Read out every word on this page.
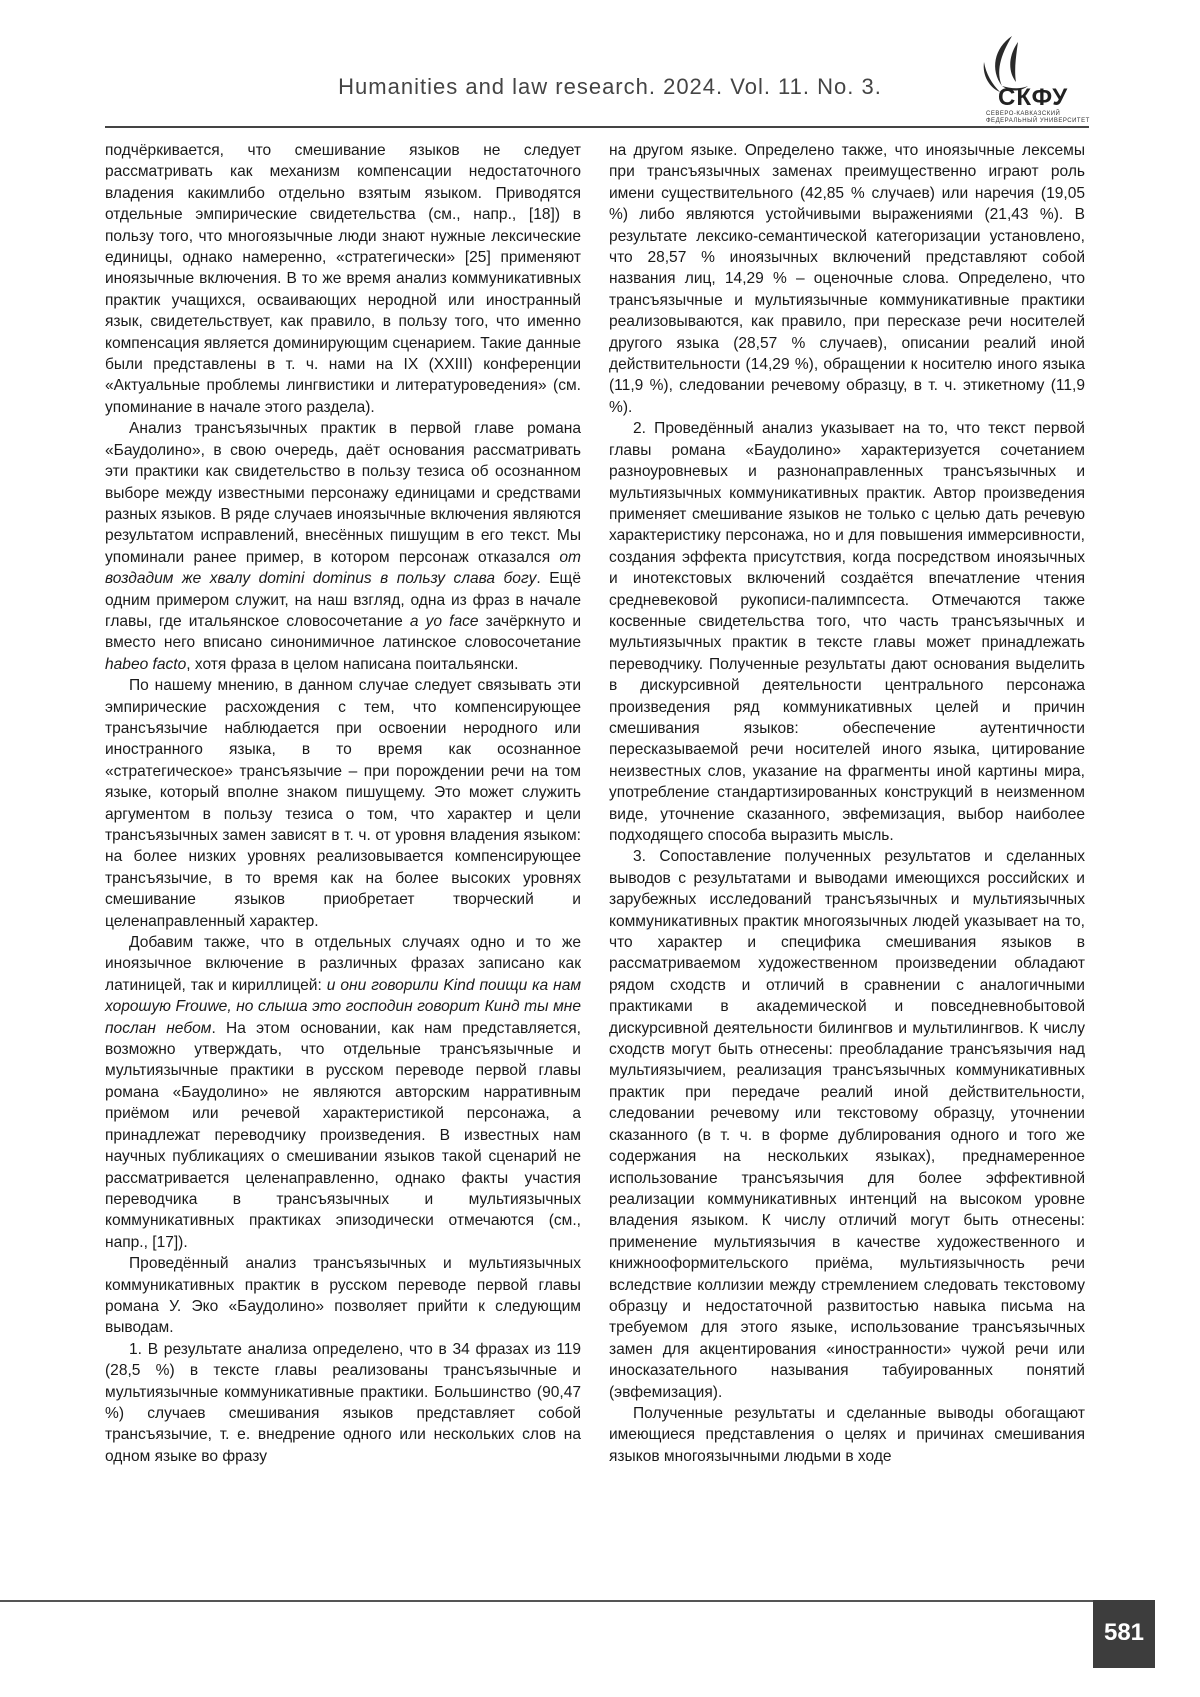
Humanities and law research. 2024. Vol. 11. No. 3.	СКФУ
СЕВЕРО-КАВКАЗСКИЙ
ФЕДЕРАЛЬНЫЙ УНИВЕРСИТЕТ

подчёркивается, что смешивание языков не следует рассматривать как механизм компенсации недостаточного владения какимлибо отдельно взятым языком. Приводятся отдельные эмпирические свидетельства (см., напр., [18]) в пользу того, что многоязычные люди знают нужные лексические единицы, однако намеренно, «стратегически» [25] применяют иноязычные включения. В то же время анализ коммуникативных практик учащихся, осваивающих неродной или иностранный язык, свидетельствует, как правило, в пользу того, что именно компенсация является доминирующим сценарием. Такие данные были представлены в т. ч. нами на IX (XXIII) конференции «Актуальные проблемы лингвистики и литературоведения» (см. упоминание в начале этого раздела).

Анализ трансъязычных практик в первой главе романа «Баудолино», в свою очередь, даёт основания рассматривать эти практики как свидетельство в пользу тезиса об осознанном выборе между известными персонажу единицами и средствами разных языков. В ряде случаев иноязычные включения являются результатом исправлений, внесённых пишущим в его текст. Мы упоминали ранее пример, в котором персонаж отказался от воздадим же хвалу domini dominus в пользу слава богу. Ещё одним примером служит, на наш взгляд, одна из фраз в начале главы, где итальянское словосочетание a yo face зачёркнуто и вместо него вписано синонимичное латинское словосочетание habeo facto, хотя фраза в целом написана поитальянски.

По нашему мнению, в данном случае следует связывать эти эмпирические расхождения с тем, что компенсирующее трансъязычие наблюдается при освоении неродного или иностранного языка, в то время как осознанное «стратегическое» трансъязычие – при порождении речи на том языке, который вполне знаком пишущему. Это может служить аргументом в пользу тезиса о том, что характер и цели трансъязычных замен зависят в т. ч. от уровня владения языком: на более низких уровнях реализовывается компенсирующее трансъязычие, в то время как на более высоких уровнях смешивание языков приобретает творческий и целенаправленный характер.

Добавим также, что в отдельных случаях одно и то же иноязычное включение в различных фразах записано как латиницей, так и кириллицей: и они говорили Kind поищи ка нам хорошую Frouwe, но слыша это господин говорит Кинд ты мне послан небом. На этом основании, как нам представляется, возможно утверждать, что отдельные трансъязычные и мультиязычные практики в русском переводе первой главы романа «Баудолино» не являются авторским нарративным приёмом или речевой характеристикой персонажа, а принадлежат переводчику произведения. В известных нам научных публикациях о смешивании языков такой сценарий не рассматривается целенаправленно, однако факты участия переводчика в трансъязычных и мультиязычных коммуникативных практиках эпизодически отмечаются (см., напр., [17]).

Проведённый анализ трансъязычных и мультиязычных коммуникативных практик в русском переводе первой главы романа У. Эко «Баудолино» позволяет прийти к следующим выводам.

1. В результате анализа определено, что в 34 фразах из 119 (28,5 %) в тексте главы реализованы трансъязычные и мультиязычные коммуникативные практики. Большинство (90,47 %) случаев смешивания языков представляет собой трансъязычие, т. е. внедрение одного или нескольких слов на одном языке во фразу

на другом языке. Определено также, что иноязычные лексемы при трансъязычных заменах преимущественно играют роль имени существительного (42,85 % случаев) или наречия (19,05 %) либо являются устойчивыми выражениями (21,43 %). В результате лексико-семантической категоризации установлено, что 28,57 % иноязычных включений представляют собой названия лиц, 14,29 % – оценочные слова. Определено, что трансъязычные и мультиязычные коммуникативные практики реализовываются, как правило, при пересказе речи носителей другого языка (28,57 % случаев), описании реалий иной действительности (14,29 %), обращении к носителю иного языка (11,9 %), следовании речевому образцу, в т. ч. этикетному (11,9 %).

2. Проведённый анализ указывает на то, что текст первой главы романа «Баудолино» характеризуется сочетанием разноуровневых и разнонаправленных трансъязычных и мультиязычных коммуникативных практик. Автор произведения применяет смешивание языков не только с целью дать речевую характеристику персонажа, но и для повышения иммерсивности, создания эффекта присутствия, когда посредством иноязычных и инотекстовых включений создаётся впечатление чтения средневековой рукописи-палимпсеста. Отмечаются также косвенные свидетельства того, что часть трансъязычных и мультиязычных практик в тексте главы может принадлежать переводчику. Полученные результаты дают основания выделить в дискурсивной деятельности центрального персонажа произведения ряд коммуникативных целей и причин смешивания языков: обеспечение аутентичности пересказываемой речи носителей иного языка, цитирование неизвестных слов, указание на фрагменты иной картины мира, употребление стандартизированных конструкций в неизменном виде, уточнение сказанного, эвфемизация, выбор наиболее подходящего способа выразить мысль.

3. Сопоставление полученных результатов и сделанных выводов с результатами и выводами имеющихся российских и зарубежных исследований трансъязычных и мультиязычных коммуникативных практик многоязычных людей указывает на то, что характер и специфика смешивания языков в рассматриваемом художественном произведении обладают рядом сходств и отличий в сравнении с аналогичными практиками в академической и повседневнобытовой дискурсивной деятельности билингвов и мультилингвов. К числу сходств могут быть отнесены: преобладание трансъязычия над мультиязычием, реализация трансъязычных коммуникативных практик при передаче реалий иной действительности, следовании речевому или текстовому образцу, уточнении сказанного (в т. ч. в форме дублирования одного и того же содержания на нескольких языках), преднамеренное использование трансъязычия для более эффективной реализации коммуникативных интенций на высоком уровне владения языком. К числу отличий могут быть отнесены: применение мультиязычия в качестве художественного и книжнооформительского приёма, мультиязычность речи вследствие коллизии между стремлением следовать текстовому образцу и недостаточной развитостью навыка письма на требуемом для этого языке, использование трансъязычных замен для акцентирования «иностранности» чужой речи или иносказательного называния табуированных понятий (эвфемизация).

Полученные результаты и сделанные выводы обогащают имеющиеся представления о целях и причинах смешивания языков многоязычными людьми в ходе

581
